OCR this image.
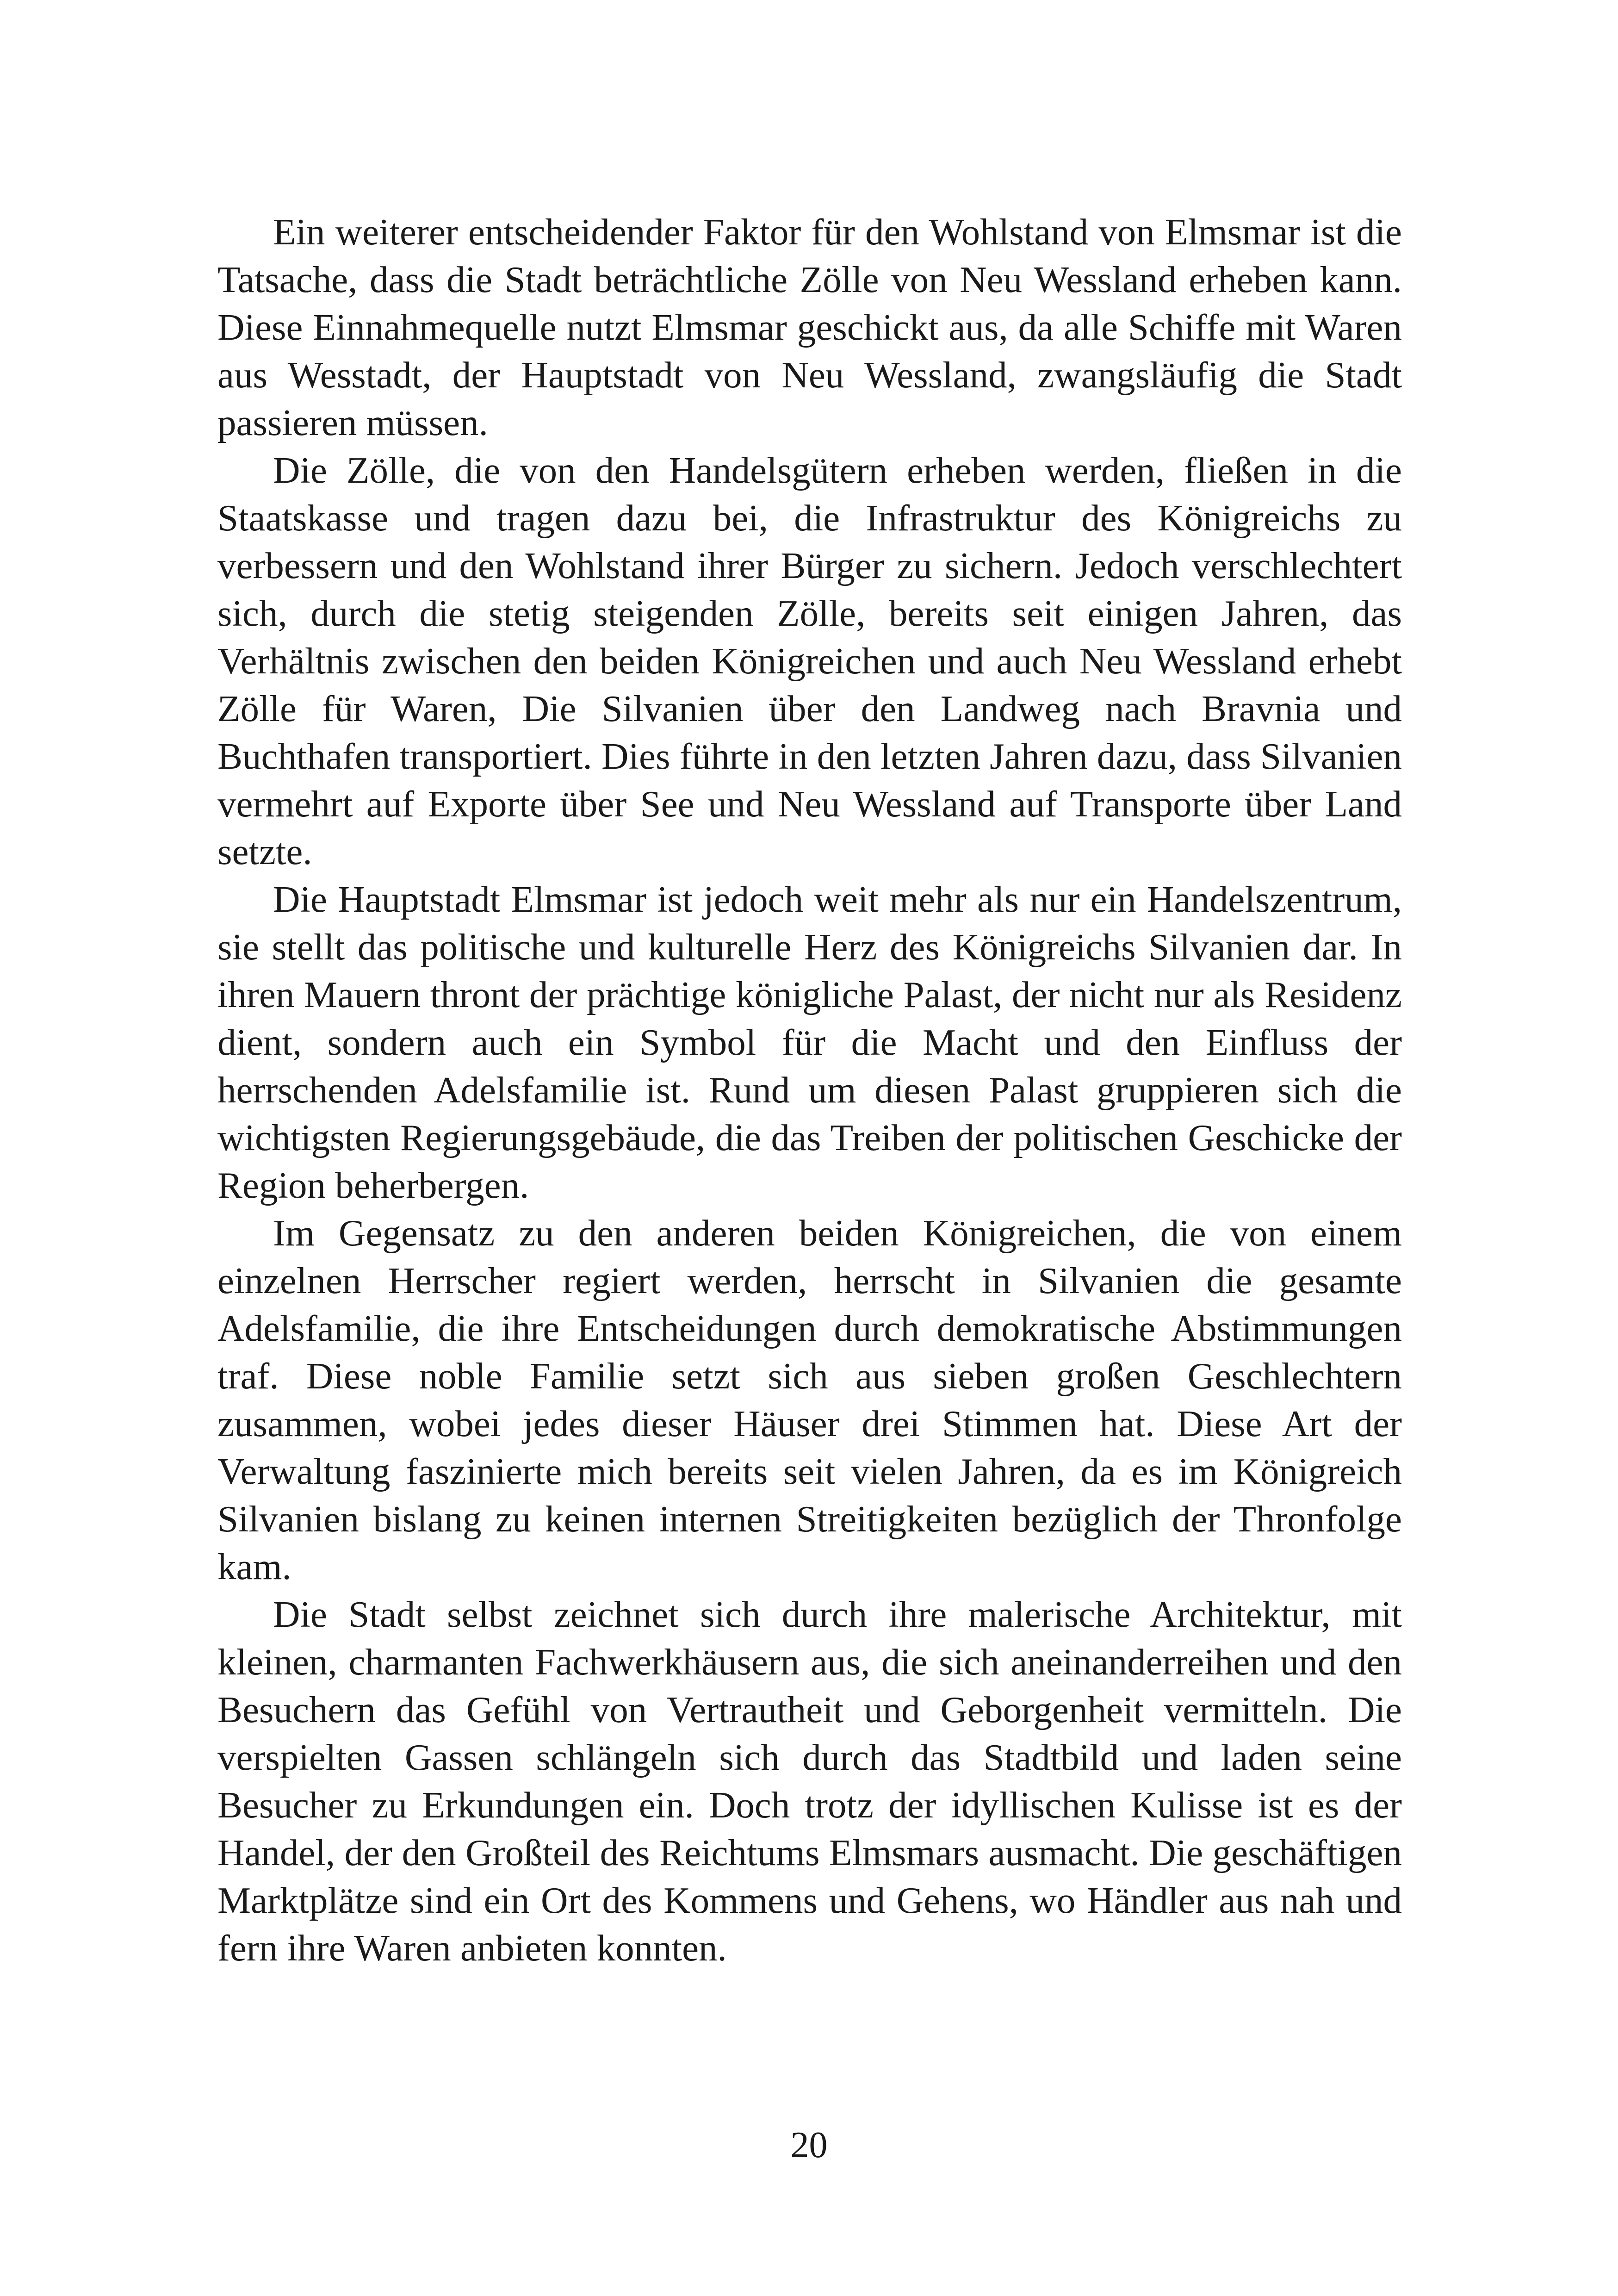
Ein weiterer entscheidender Faktor für den Wohlstand von Elmsmar ist die Tatsache, dass die Stadt beträchtliche Zölle von Neu Wessland erheben kann. Diese Einnahmequelle nutzt Elmsmar geschickt aus, da alle Schiffe mit Waren aus Wesstadt, der Hauptstadt von Neu Wessland, zwangsläufig die Stadt passieren müssen.

Die Zölle, die von den Handelsgütern erheben werden, fließen in die Staatskasse und tragen dazu bei, die Infrastruktur des Königreichs zu verbessern und den Wohlstand ihrer Bürger zu sichern. Jedoch verschlechtert sich, durch die stetig steigenden Zölle, bereits seit einigen Jahren, das Verhältnis zwischen den beiden Königreichen und auch Neu Wessland erhebt Zölle für Waren, Die Silvanien über den Landweg nach Bravnia und Buchthafen transportiert. Dies führte in den letzten Jahren dazu, dass Silvanien vermehrt auf Exporte über See und Neu Wessland auf Transporte über Land setzte.

Die Hauptstadt Elmsmar ist jedoch weit mehr als nur ein Handelszentrum, sie stellt das politische und kulturelle Herz des Königreichs Silvanien dar. In ihren Mauern thront der prächtige königliche Palast, der nicht nur als Residenz dient, sondern auch ein Symbol für die Macht und den Einfluss der herrschenden Adelsfamilie ist. Rund um diesen Palast gruppieren sich die wichtigsten Regierungsgebäude, die das Treiben der politischen Geschicke der Region beherbergen.

Im Gegensatz zu den anderen beiden Königreichen, die von einem einzelnen Herrscher regiert werden, herrscht in Silvanien die gesamte Adelsfamilie, die ihre Entscheidungen durch demokratische Abstimmungen traf. Diese noble Familie setzt sich aus sieben großen Geschlechtern zusammen, wobei jedes dieser Häuser drei Stimmen hat. Diese Art der Verwaltung faszinierte mich bereits seit vielen Jahren, da es im Königreich Silvanien bislang zu keinen internen Streitigkeiten bezüglich der Thronfolge kam.

Die Stadt selbst zeichnet sich durch ihre malerische Architektur, mit kleinen, charmanten Fachwerkhäusern aus, die sich aneinanderreihen und den Besuchern das Gefühl von Vertrautheit und Geborgenheit vermitteln. Die verspielten Gassen schlängeln sich durch das Stadtbild und laden seine Besucher zu Erkundungen ein. Doch trotz der idyllischen Kulisse ist es der Handel, der den Großteil des Reichtums Elmsmars ausmacht. Die geschäftigen Marktplätze sind ein Ort des Kommens und Gehens, wo Händler aus nah und fern ihre Waren anbieten konnten.

20
